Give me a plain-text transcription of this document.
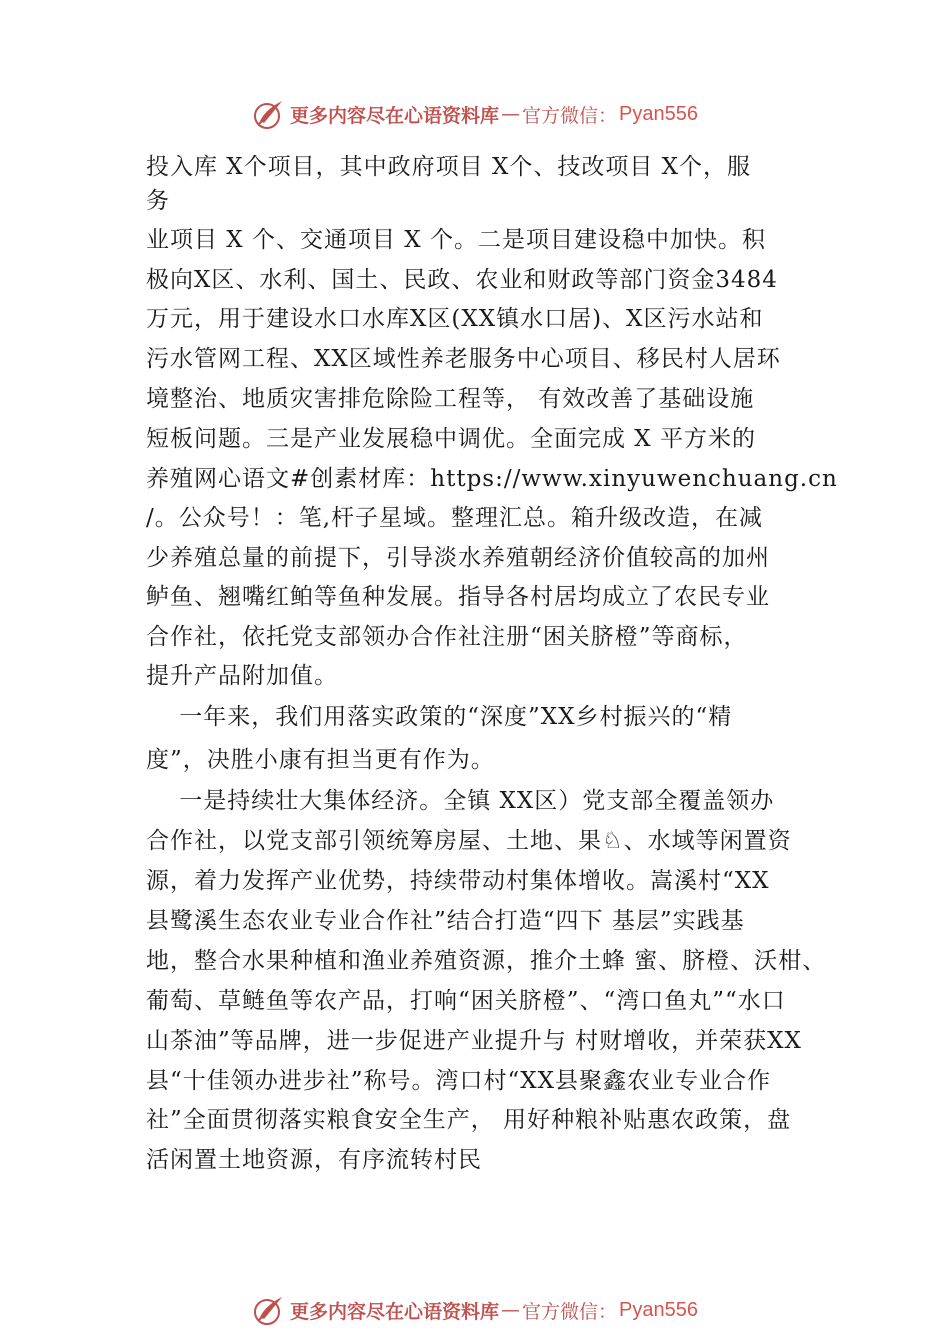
更多内容尽在心语资料库 — 官方微信： Pyan556
投入库 X个项目，其中政府项目 X个、技改项目 X个，服
务
业项目 X 个、交通项目 X 个。二是项目建设稳中加快。积
极向X区、水利、国土、民政、农业和财政等部门资金3484
万元，用于建设水口水库X区(XX镇水口居)、X区污水站和
污水管网工程、XX区域性养老服务中心项目、移民村人居环
境整治、地质灾害排危除险工程等， 有效改善了基础设施
短板问题。三是产业发展稳中调优。全面完成 X 平方米的
养殖网心语文#创素材库：https://www.xinyuwenchuang.cn
/。公众号！：笔,杆子星域。整理汇总。箱升级改造，在减
少养殖总量的前提下，引导淡水养殖朝经济价值较高的加州
鲈鱼、翘嘴红鲌等鱼种发展。指导各村居均成立了农民专业
合作社，依托党支部领办合作社注册“困关脐橙”等商标，
提升产品附加值。
一年来，我们用落实政策的“深度”XX乡村振兴的“精
度”，决胜小康有担当更有作为。
一是持续壮大集体经济。全镇 XX区）党支部全覆盖领办
合作社，以党支部引领统筹房屋、土地、果♘、水域等闲置资
源，着力发挥产业优势，持续带动村集体增收。嵩溪村“XX
县鹭溪生态农业专业合作社”结合打造“四下 基层”实践基
地，整合水果种植和渔业养殖资源，推介土蜂 蜜、脐橙、沃柑、
葡萄、草鲢鱼等农产品，打响“困关脐橙”、“湾口鱼丸”“水口
山茶油”等品牌，进一步促进产业提升与 村财增收，并荣获XX
县“十佳领办进步社”称号。湾口村“XX县聚鑫农业专业合作
社”全面贯彻落实粮食安全生产， 用好种粮补贴惠农政策，盘
活闲置土地资源，有序流转村民
更多内容尽在心语资料库 — 官方微信： Pyan556
